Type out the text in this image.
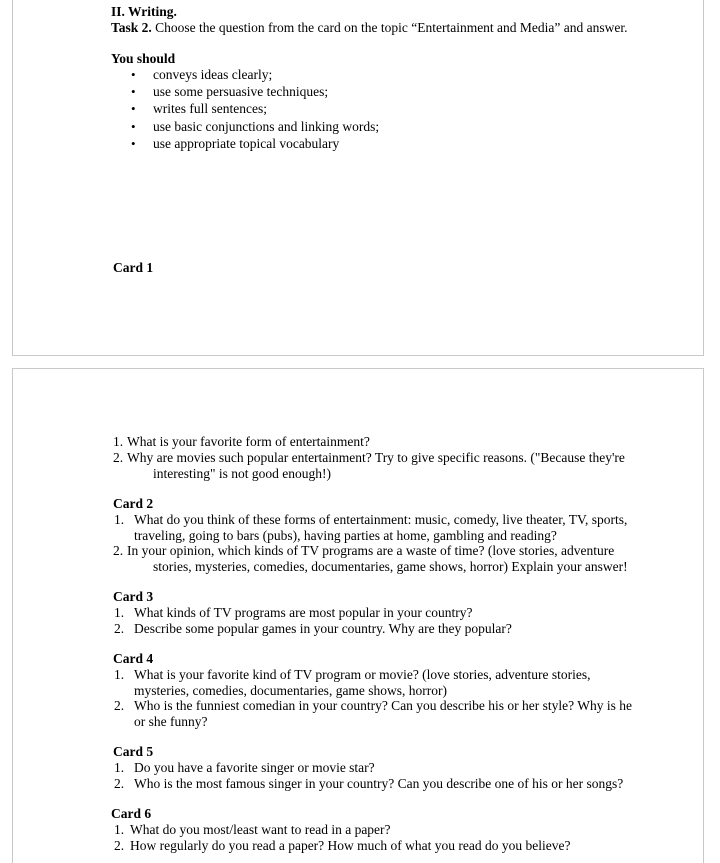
II. Writing.
Task 2. Choose the question from the card on the topic “Entertainment and Media” and answer.
You should
• conveys ideas clearly;
• use some persuasive techniques;
• writes full sentences;
• use basic conjunctions and linking words;
• use appropriate topical vocabulary
Card 1
1. What is your favorite form of entertainment?
2. Why are movies such popular entertainment? Try to give specific reasons. ("Because they're
interesting" is not good enough!)
Card 2
1. What do you think of these forms of entertainment: music, comedy, live theater, TV, sports,
traveling, going to bars (pubs), having parties at home, gambling and reading?
2. In your opinion, which kinds of TV programs are a waste of time? (love stories, adventure
stories, mysteries, comedies, documentaries, game shows, horror) Explain your answer!
Card 3
1. What kinds of TV programs are most popular in your country?
2. Describe some popular games in your country. Why are they popular?
Card 4
1. What is your favorite kind of TV program or movie? (love stories, adventure stories,
mysteries, comedies, documentaries, game shows, horror)
2. Who is the funniest comedian in your country? Can you describe his or her style? Why is he
or she funny?
Card 5
1. Do you have a favorite singer or movie star?
2. Who is the most famous singer in your country? Can you describe one of his or her songs?
Card 6
1. What do you most/least want to read in a paper?
2. How regularly do you read a paper? How much of what you read do you believe?
